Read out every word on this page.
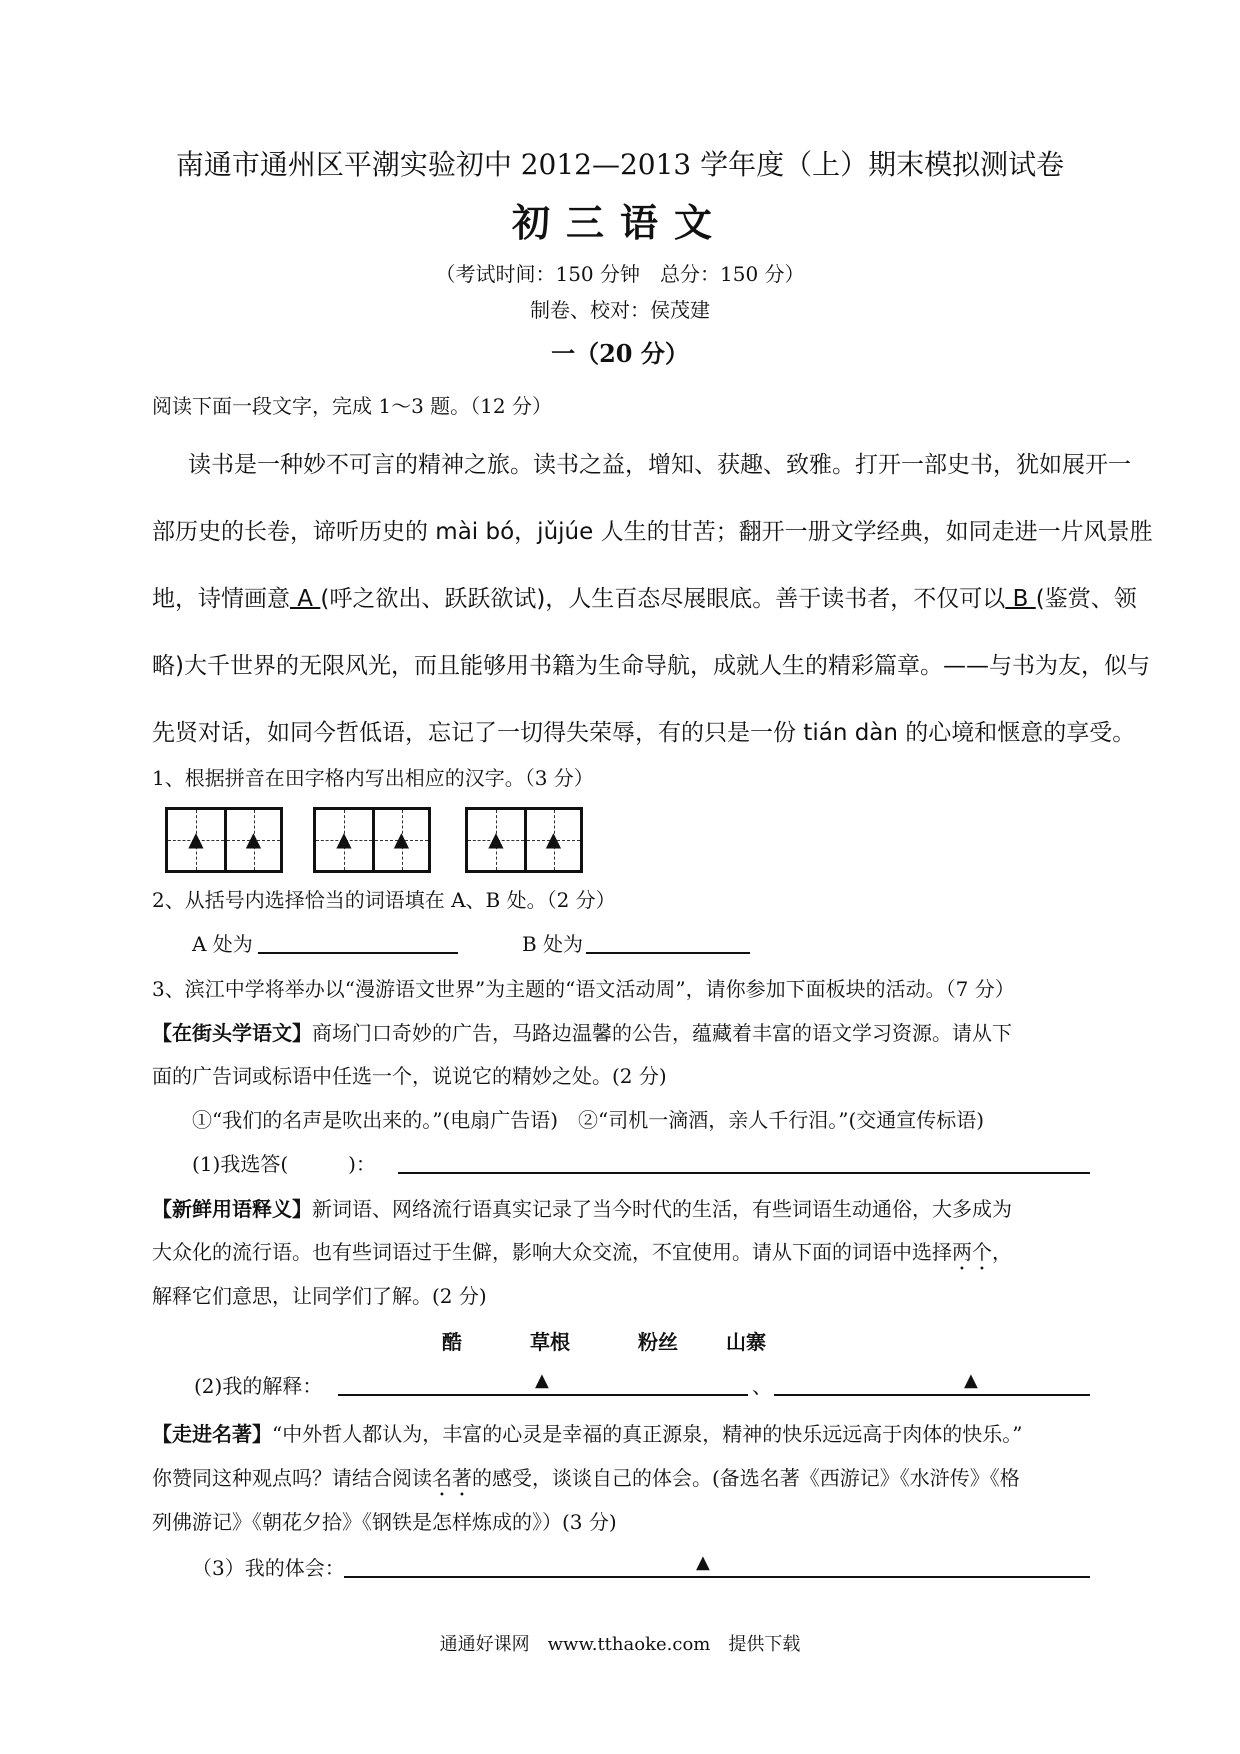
南通市通州区平潮实验初中 2012—2013 学年度（上）期末模拟测试卷
初三语文
（考试时间：150 分钟　总分：150 分）
制卷、校对：侯茂建
一（20 分）
阅读下面一段文字，完成 1～3 题。（12 分）
读书是一种妙不可言的精神之旅。读书之益，增知、获趣、致雅。打开一部史书，犹如展开一
部历史的长卷，谛听历史的 mài bó，jǔjúe 人生的甘苦；翻开一册文学经典，如同走进一片风景胜
地，诗情画意 A (呼之欲出、跃跃欲试)，人生百态尽展眼底。善于读书者，不仅可以 B (鉴赏、领
略)大千世界的无限风光，而且能够用书籍为生命导航，成就人生的精彩篇章。——与书为友，似与
先贤对话，如同今哲低语，忘记了一切得失荣辱，有的只是一份 tián dàn 的心境和惬意的享受。
1、根据拼音在田字格内写出相应的汉字。（3 分）
▲ ▲	▲ ▲	▲ ▲
2、从括号内选择恰当的词语填在 A、B 处。（2 分）
A 处为	B 处为
3、滨江中学将举办以“漫游语文世界”为主题的“语文活动周”，请你参加下面板块的活动。（7 分）
【在街头学语文】商场门口奇妙的广告，马路边温馨的公告，蕴藏着丰富的语文学习资源。请从下
面的广告词或标语中任选一个，说说它的精妙之处。(2 分)
①“我们的名声是吹出来的。”(电扇广告语)　②“司机一滴酒，亲人千行泪。”(交通宣传标语)
(1)我选答(　　　)：
【新鲜用语释义】新词语、网络流行语真实记录了当今时代的生活，有些词语生动通俗，大多成为
大众化的流行语。也有些词语过于生僻，影响大众交流，不宜使用。请从下面的词语中选择两个，
解释它们意思，让同学们了解。(2 分)
酷	草根	粉丝 山寨
(2)我的解释：	▲	、	▲
【走进名著】“中外哲人都认为，丰富的心灵是幸福的真正源泉，精神的快乐远远高于肉体的快乐。”
你赞同这种观点吗？请结合阅读名著的感受，谈谈自己的体会。(备选名著《西游记》《水浒传》《格
列佛游记》《朝花夕拾》《钢铁是怎样炼成的》）(3 分)
（3）我的体会：	▲
通通好课网　www.tthaoke.com　提供下载
